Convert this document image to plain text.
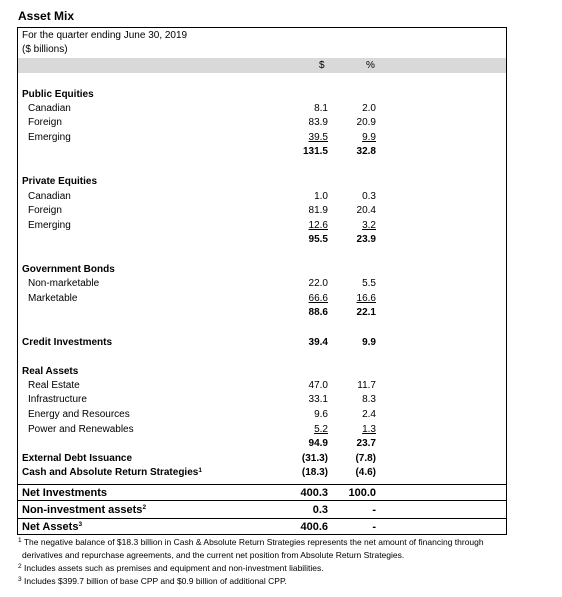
Asset Mix
For the quarter ending June 30, 2019
($ billions)
$	%
Public Equities
Canadian	8.1	2.0
Foreign	83.9	20.9
Emerging	39.5	9.9
131.5	32.8
Private Equities
Canadian	1.0	0.3
Foreign	81.9	20.4
Emerging	12.6	3.2
95.5	23.9
Government Bonds
Non-marketable	22.0	5.5
Marketable	66.6	16.6
88.6	22.1
Credit Investments	39.4	9.9
Real Assets
Real Estate	47.0	11.7
Infrastructure	33.1	8.3
Energy and Resources	9.6	2.4
Power and Renewables	5.2	1.3
94.9	23.7
External Debt Issuance	(31.3)	(7.8)
Cash and Absolute Return Strategies$^1$	(18.3)	(4.6)
Net Investments	400.3 100.0
Non-investment assets$^2$	0.3	-
Net Assets$^3$	400.6	-
$^1$ The negative balance of $18.3 billion in Cash & Absolute Return Strategies represents the net amount of financing through
derivatives and repurchase agreements, and the current net position from Absolute Return Strategies.
$^2$ Includes assets such as premises and equipment and non-investment liabilities.
$^3$ Includes $399.7 billion of base CPP and $0.9 billion of additional CPP.
